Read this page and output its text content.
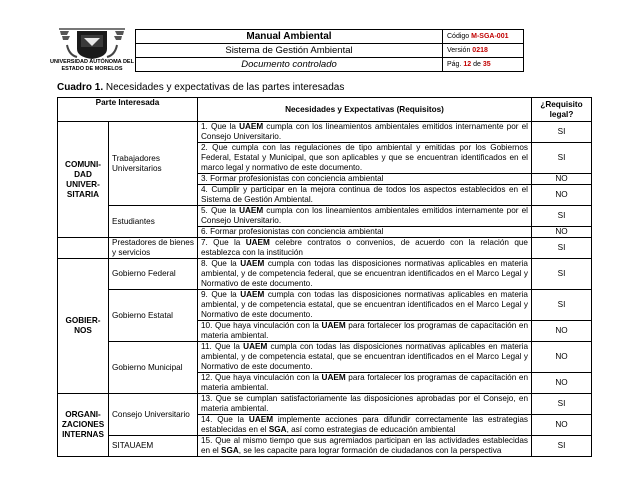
UNIVERSIDAD AUTÓNOMA DEL
ESTADO DE MORELOS
	Manual Ambiental	Código M-SGA-001
	Sistema de Gestión Ambiental	Versión 0218
	Documento controlado	Pág. 12 de 35
Cuadro 1. Necesidades y expectativas de las partes interesadas
Parte Interesada		Necesidades y Expectativas (Requisitos)	¿Requisito legal?
COMUNI-DAD UNIVER-SITARIA	Trabajadores Universitarios	1. Que la UAEM cumpla con los lineamientos ambientales emitidos internamente por el Consejo Universitario.	SI
		2. Que cumpla con las regulaciones de tipo ambiental y emitidas por los Gobiernos Federal, Estatal y Municipal, que son aplicables y que se encuentran identificados en el marco legal y normativo de este documento.	SI
		3. Formar profesionistas con conciencia ambiental	NO
		4. Cumplir y participar en la mejora continua de todos los aspectos establecidos en el Sistema de Gestión Ambiental.	NO
	Estudiantes	5. Que la UAEM cumpla con los lineamientos ambientales emitidos internamente por el Consejo Universitario.	SI
		6. Formar profesionistas con conciencia ambiental	NO
	Prestadores de bienes y servicios	7. Que la UAEM celebre contratos o convenios, de acuerdo con la relación que establezca con la institución	SI
GOBIER-NOS	Gobierno Federal	8. Que la UAEM cumpla con todas las disposiciones normativas aplicables en materia ambiental, y de competencia federal, que se encuentran identificados en el Marco Legal y Normativo de este documento.	SI
	Gobierno Estatal	9. Que la UAEM cumpla con todas las disposiciones normativas aplicables en materia ambiental, y de competencia estatal, que se encuentran identificados en el Marco Legal y Normativo de este documento.	SI
		10. Que haya vinculación con la UAEM para fortalecer los programas de capacitación en materia ambiental.	NO
	Gobierno Municipal	11. Que la UAEM cumpla con todas las disposiciones normativas aplicables en materia ambiental, y de competencia estatal, que se encuentran identificados en el Marco Legal y Normativo de este documento.	NO
		12. Que haya vinculación con la UAEM para fortalecer los programas de capacitación en materia ambiental.	NO
ORGANI-ZACIONES INTERNAS	Consejo Universitario	13. Que se cumplan satisfactoriamente las disposiciones aprobadas por el Consejo, en materia ambiental.	SI
		14. Que la UAEM implemente acciones para difundir correctamente las estrategias establecidas en el SGA, así como estrategias de educación ambiental	NO
	SITAUAEM	15. Que al mismo tiempo que sus agremiados participan en las actividades establecidas en el SGA, se les capacite para lograr formación de ciudadanos con la perspectiva	SI
